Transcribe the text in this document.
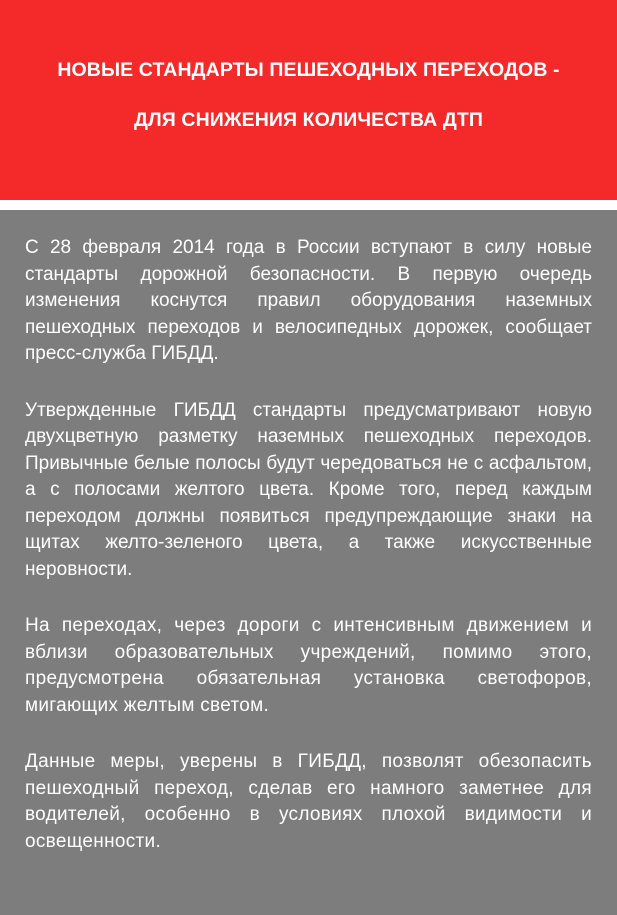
НОВЫЕ СТАНДАРТЫ ПЕШЕХОДНЫХ ПЕРЕХОДОВ -
ДЛЯ СНИЖЕНИЯ КОЛИЧЕСТВА ДТП

С 28 февраля 2014 года в России вступают в силу новые стандарты дорожной безопасности. В первую очередь изменения коснутся правил оборудования наземных пешеходных переходов и велосипедных дорожек, сообщает пресс-служба ГИБДД.

Утвержденные ГИБДД стандарты предусматривают новую двухцветную разметку наземных пешеходных переходов. Привычные белые полосы будут чередоваться не с асфальтом, а с полосами желтого цвета. Кроме того, перед каждым переходом должны появиться предупреждающие знаки на щитах желто-зеленого цвета, а также искусственные неровности.

На переходах, через дороги с интенсивным движением и вблизи образовательных учреждений, помимо этого, предусмотрена обязательная установка светофоров, мигающих желтым светом.

Данные меры, уверены в ГИБДД, позволят обезопасить пешеходный переход, сделав его намного заметнее для водителей, особенно в условиях плохой видимости и освещенности.
